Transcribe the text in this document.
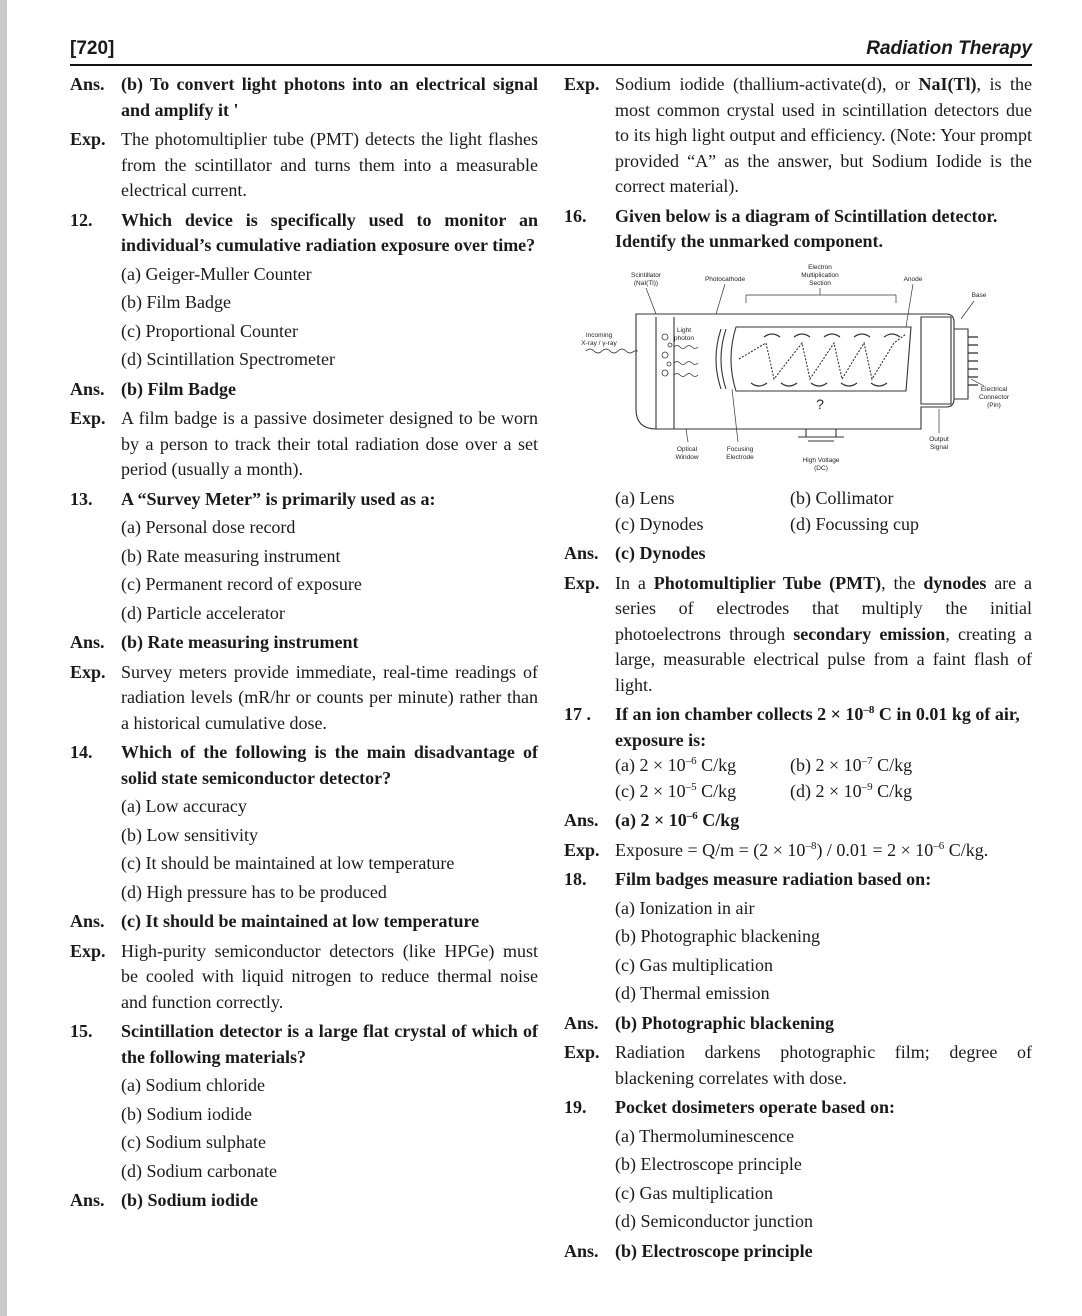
[720]	Radiation Therapy
Ans. (b) To convert light photons into an electrical signal and amplify it '
Exp. The photomultiplier tube (PMT) detects the light flashes from the scintillator and turns them into a measurable electrical current.
12.	Which device is specifically used to monitor an individual’s cumulative radiation exposure over time?
(a) Geiger-Muller Counter
(b) Film Badge
(c) Proportional Counter
(d) Scintillation Spectrometer
Ans. (b) Film Badge
Exp. A film badge is a passive dosimeter designed to be worn by a person to track their total radiation dose over a set period (usually a month).
13.	A “Survey Meter” is primarily used as a:
(a) Personal dose record
(b) Rate measuring instrument
(c) Permanent record of exposure
(d) Particle accelerator
Ans. (b) Rate measuring instrument
Exp. Survey meters provide immediate, real-time readings of radiation levels (mR/hr or counts per minute) rather than a historical cumulative dose.
14.	Which of the following is the main disadvantage of solid state semiconductor detector?
(a) Low accuracy
(b) Low sensitivity
(c) It should be maintained at low temperature
(d) High pressure has to be produced
Ans. (c) It should be maintained at low temperature
Exp. High-purity semiconductor detectors (like HPGe) must be cooled with liquid nitrogen to reduce thermal noise and function correctly.
15.	Scintillation detector is a large flat crystal of which of the following materials?
(a) Sodium chloride
(b) Sodium iodide
(c) Sodium sulphate
(d) Sodium carbonate
Ans. (b) Sodium iodide
Exp. Sodium iodide (thallium-activate(d), or NaI(Tl), is the most common crystal used in scintillation detectors due to its high light output and efficiency. (Note: Your prompt provided “A” as the answer, but Sodium Iodide is the correct material).
16.	Given below is a diagram of Scintillation detector. Identify the unmarked component.
Scintillator
(NaI(Tl))
Photocathode
Electron
Multiplication
Section
Anode
Base
Incoming
X-ray / γ-ray
Light
photon
Electrical
Connector
(Pin)
Optical
Window
Focusing
Electrode	High Voltage
(DC)
Output
Signal
?
(a) Lens	(b) Collimator
(c) Dynodes	(d) Focussing cup
Ans. (c) Dynodes
Exp. In a Photomultiplier Tube (PMT), the dynodes are a series of electrodes that multiply the initial photoelectrons through secondary emission, creating a large, measurable electrical pulse from a faint flash of light.
17 .	If an ion chamber collects $2 \times 10^{-8}$ C in 0.01 kg of air, exposure is:
(a) $2 \times 10^{-6}$ C/kg	(b) $2 \times 10^{-7}$ C/kg
(c) $2 \times 10^{-5}$ C/kg	(d) $2 \times 10^{-9}$ C/kg
Ans. (a) $2 \times 10^{-6}$ C/kg
Exp. Exposure = $Q/m = (2 \times 10^{-8}) / 0.01 = 2 \times 10^{-6}$ C/kg.
18.	Film badges measure radiation based on:
(a) Ionization in air
(b) Photographic blackening
(c) Gas multiplication
(d) Thermal emission
Ans. (b) Photographic blackening
Exp. Radiation darkens photographic film; degree of blackening correlates with dose.
19.	Pocket dosimeters operate based on:
(a) Thermoluminescence
(b) Electroscope principle
(c) Gas multiplication
(d) Semiconductor junction
Ans. (b) Electroscope principle
